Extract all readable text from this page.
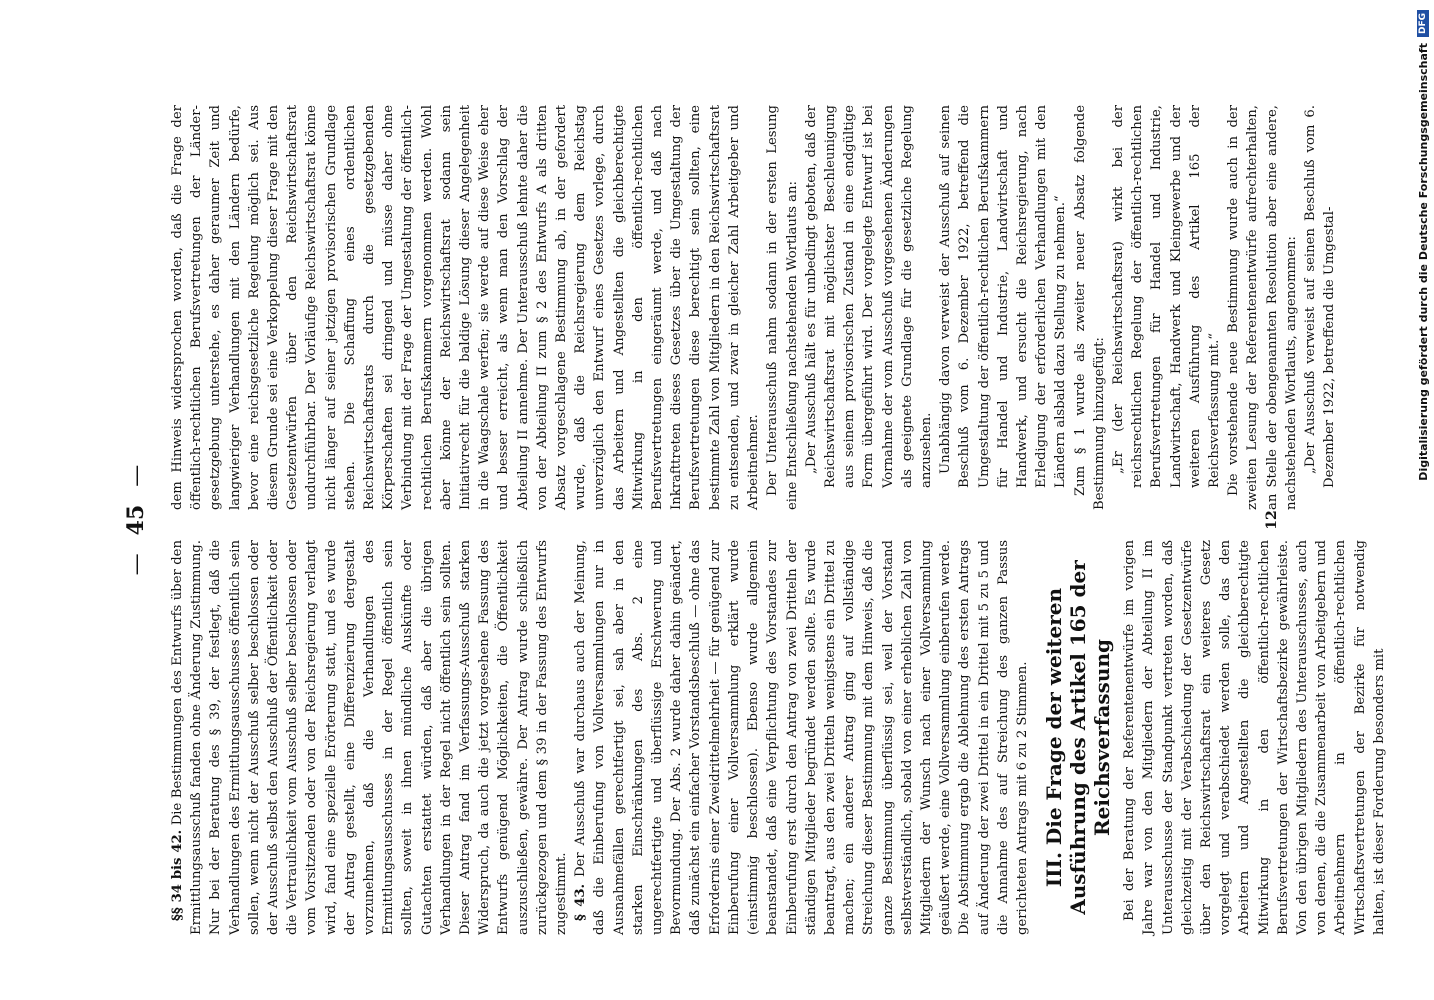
—
45
—

§§ 34 bis 42. Die Bestimmungen des Entwurfs über den Ermittlungsausschuß fanden ohne Änderung Zustimmung. Nur bei der Beratung des § 39, der festlegt, daß die Verhandlungen des Ermittlungsausschusses öffentlich sein sollen, wenn nicht der Ausschuß selber beschlossen oder der Ausschuß selbst den Ausschluß der Öffentlichkeit oder die Vertraulichkeit vom Ausschuß selber beschlossen oder vom Vorsitzenden oder von der Reichsregierung verlangt wird, fand eine spezielle Erörterung statt, und es wurde der Antrag gestellt, eine Differenzierung dergestalt vorzunehmen, daß die Verhandlungen des Ermittlungsausschusses in der Regel öffentlich sein sollten, soweit in ihnen mündliche Auskünfte oder Gutachten erstattet würden, daß aber die übrigen Verhandlungen in der Regel nicht öffentlich sein sollten. Dieser Antrag fand im Verfassungs-Ausschuß starken Widerspruch, da auch die jetzt vorgesehene Fassung des Entwurfs genügend Möglichkeiten, die Öffentlichkeit auszuschließen, gewähre. Der Antrag wurde schließlich zurückgezogen und dem § 39 in der Fassung des Entwurfs zugestimmt. § 43. Der Ausschuß war durchaus auch der Meinung, daß die Einberufung von Vollversammlungen nur in Ausnahmefällen gerechtfertigt sei, sah aber in den starken Einschränkungen des Abs. 2 eine ungerechtfertigte und überflüssige Erschwerung und Bevormundung. Der Abs. 2 wurde daher dahin geändert, daß zunächst ein einfacher Vorstandsbeschluß — ohne das Erfordernis einer Zweidrittelmehrheit — für genügend zur Einberufung einer Vollversammlung erklärt wurde (einstimmig beschlossen). Ebenso wurde allgemein beanstandet, daß eine Verpflichtung des Vorstandes zur Einberufung erst durch den Antrag von zwei Dritteln der ständigen Mitglieder begründet werden sollte. Es wurde beantragt, aus den zwei Dritteln wenigstens ein Drittel zu machen; ein anderer Antrag ging auf vollständige Streichung dieser Bestimmung mit dem Hinweis, daß die ganze Bestimmung überflüssig sei, weil der Vorstand selbstverständlich, sobald von einer erheblichen Zahl von Mitgliedern der Wunsch nach einer Vollversammlung geäußert werde, eine Vollversammlung einberufen werde. Die Abstimmung ergab die Ablehnung des ersten Antrags auf Änderung der zwei Drittel in ein Drittel mit 5 zu 5 und die Annahme des auf Streichung des ganzen Passus gerichteten Antrags mit 6 zu 2 Stimmen. III. Die Frage der weiteren Ausführung des Artikel 165 der Reichsverfassung Bei der Beratung der Referentenentwürfe im vorigen Jahre war von den Mitgliedern der Abteilung II im Unterausschusse der Standpunkt vertreten worden, daß gleichzeitig mit der Verabschiedung der Gesetzentwürfe über den Reichswirtschaftsrat ein weiteres Gesetz vorgelegt und verabschiedet werden solle, das den Arbeitern und Angestellten die gleichberechtigte Mitwirkung in den öffentlich-rechtlichen Berufsvertretungen der Wirtschaftsbezirke gewährleiste. Von den übrigen Mitgliedern des Unterausschusses, auch von denen, die die Zusammenarbeit von Arbeitgebern und Arbeitnehmern in öffentlich-rechtlichen Wirtschaftsvertretungen der Bezirke für notwendig halten, ist dieser Forderung besonders mit

dem Hinweis widersprochen worden, daß die Frage der öffentlich-rechtlichen Berufsvertretungen der Länder-gesetzgebung unterstehe, es daher geraumer Zeit und langwieriger Verhandlungen mit den Ländern bedürfe, bevor eine reichsgesetzliche Regelung möglich sei. Aus diesem Grunde sei eine Verkoppelung dieser Frage mit den Gesetzentwürfen über den Reichswirtschaftsrat undurchführbar. Der Vorläufige Reichswirtschaftsrat könne nicht länger auf seiner jetzigen provisorischen Grundlage stehen. Die Schaffung eines ordentlichen Reichswirtschaftsrats durch die gesetzgebenden Körperschaften sei dringend und müsse daher ohne Verbindung mit der Frage der Umgestaltung der öffentlich-rechtlichen Berufskammern vorgenommen werden. Wohl aber könne der Reichswirtschaftsrat sodann sein Initiativrecht für die baldige Lösung dieser Angelegenheit in die Waagschale werfen; sie werde auf diese Weise eher und besser erreicht, als wenn man den Vorschlag der Abteilung II annehme. Der Unterausschuß lehnte daher die von der Abteilung II zum § 2 des Entwurfs A als dritten Absatz vorgeschlagene Bestimmung ab, in der gefordert wurde, daß die Reichsregierung dem Reichstag unverzüglich den Entwurf eines Gesetzes vorlege, durch das Arbeitern und Angestellten die gleichberechtigte Mitwirkung in den öffentlich-rechtlichen Berufsvertretungen eingeräumt werde, und daß nach Inkrafttreten dieses Gesetzes über die Umgestaltung der Berufsvertretungen diese berechtigt sein sollten, eine bestimmte Zahl von Mitgliedern in den Reichswirtschaftsrat zu entsenden, und zwar in gleicher Zahl Arbeitgeber und Arbeitnehmer. Der Unterausschuß nahm sodann in der ersten Lesung eine Entschließung nachstehenden Wortlauts an: „Der Ausschuß hält es für unbedingt geboten, daß der Reichswirtschaftsrat mit möglichster Beschleunigung aus seinem provisorischen Zustand in eine endgültige Form übergeführt wird. Der vorgelegte Entwurf ist bei Vornahme der vom Ausschuß vorgesehenen Änderungen als geeignete Grundlage für die gesetzliche Regelung anzusehen. Unabhängig davon verweist der Ausschuß auf seinen Beschluß vom 6. Dezember 1922, betreffend die Umgestaltung der öffentlich-rechtlichen Berufskammern für Handel und Industrie, Landwirtschaft und Handwerk, und ersucht die Reichsregierung, nach Erledigung der erforderlichen Verhandlungen mit den Ländern alsbald dazu Stellung zu nehmen.“ Zum § 1 wurde als zweiter neuer Absatz folgende Bestimmung hinzugefügt: „Er (der Reichswirtschaftsrat) wirkt bei der reichsrechtlichen Regelung der öffentlich-rechtlichen Berufsvertretungen für Handel und Industrie, Landwirtschaft, Handwerk und Kleingewerbe und der weiteren Ausführung des Artikel 165 der Reichsverfassung mit.“ Die vorstehende neue Bestimmung wurde auch in der zweiten Lesung der Referentenentwürfe aufrechterhalten, an Stelle der obengenannten Resolution aber eine andere, nachstehenden Wortlauts, angenommen: „Der Ausschuß verweist auf seinen Beschluß vom 6. Dezember 1922, betreffend die Umgestal-

12
Digitalisierung gefördert durch die Deutsche Forschungsgemeinschaft
DFG
